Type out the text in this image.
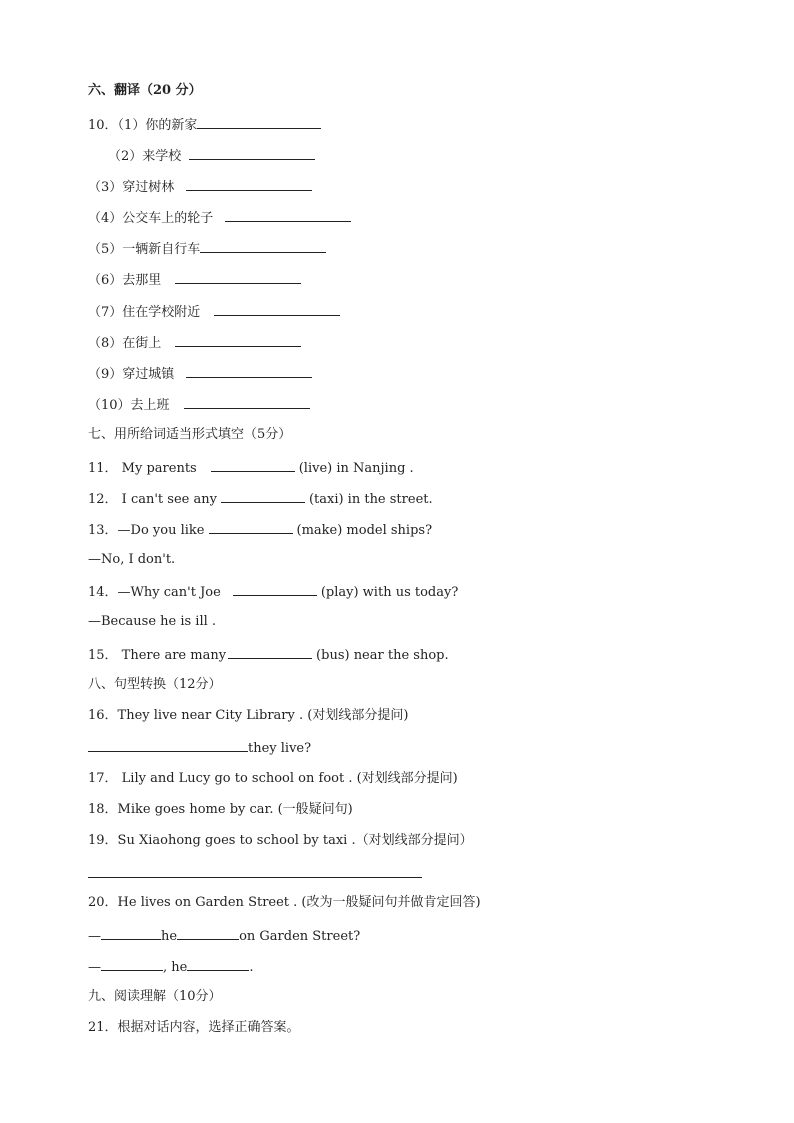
六、翻译（20 分）
10．（1）你的新家
（2）来学校
（3）穿过树林
（4）公交车上的轮子
（5）一辆新自行车
（6）去那里
（7）住在学校附近
（8）在街上
（9）穿过城镇
（10）去上班
七、用所给词适当形式填空（5分）
11． My parents	(live) in Nanjing .
12． I can't see any	(taxi) in the street.
13．—Do you like	(make) model ships?
—No, I don't.
14．—Why can't Joe	(play) with us today?
—Because he is ill .
15． There are many	(bus) near the shop.
八、句型转换（12分）
16．They live near City Library . (对划线部分提问)
they live?
17． Lily and Lucy go to school on foot . (对划线部分提问)
18．Mike goes home by car. (一般疑问句)
19．Su Xiaohong goes to school by taxi .（对划线部分提问）
20．He lives on Garden Street . (改为一般疑问句并做肯定回答)
—	he	on Garden Street?
—	, he	.
九、阅读理解（10分）
21．根据对话内容，选择正确答案。
